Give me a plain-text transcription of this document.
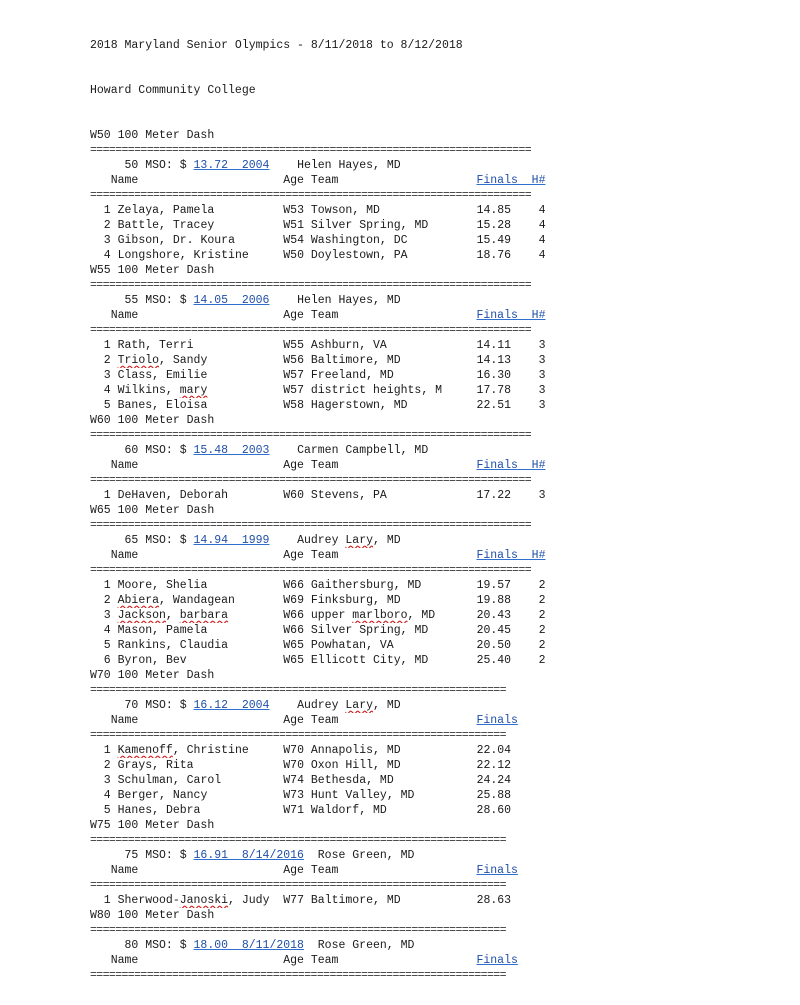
2018 Maryland Senior Olympics - 8/11/2018 to 8/12/2018

Howard Community College

W50 100 Meter Dash
======================================================================
50 MSO: $ 13.72  2004 Helen Hayes, MD
Name                     Age Team                    Finals  H#
======================================================================
1 Zelaya, Pamela	W53 Towson, MD	14.85    4
2 Battle, Tracey	W51 Silver Spring, MD       15.28    4
3 Gibson, Dr. Koura	W54 Washington, DC	15.49    4
4 Longshore, Kristine	W50 Doylestown, PA	18.76    4
W55 100 Meter Dash
======================================================================
55 MSO: $ 14.05  2006 Helen Hayes, MD
Name                     Age Team                    Finals  H#
======================================================================
1 Rath, Terri	W55 Ashburn, VA	14.11    3
2 Triolo, Sandy	W56 Baltimore, MD	14.13    3
3 Class, Emilie	W57 Freeland, MD	16.30    3
4 Wilkins, mary	W57 district heights, M     17.78    3
5 Banes, Eloisa	W58 Hagerstown, MD	22.51    3
W60 100 Meter Dash
======================================================================
60 MSO: $ 15.48  2003 Carmen Campbell, MD
Name                     Age Team                    Finals  H#
======================================================================
1 DeHaven, Deborah	W60 Stevens, PA	17.22    3
W65 100 Meter Dash
======================================================================
65 MSO: $ 14.94  1999 Audrey Lary, MD
Name                     Age Team                    Finals  H#
======================================================================
1 Moore, Shelia	W66 Gaithersburg, MD	19.57    2
2 Abiera, Wandagean	W69 Finksburg, MD	19.88    2
3 Jackson, barbara	W66 upper marlboro, MD      20.43    2
4 Mason, Pamela	W66 Silver Spring, MD       20.45    2
5 Rankins, Claudia	W65 Powhatan, VA	20.50    2
6 Byron, Bev	W65 Ellicott City, MD       25.40    2
W70 100 Meter Dash
==================================================================
70 MSO: $ 16.12  2004 Audrey Lary, MD
Name                     Age Team                    Finals
==================================================================
1 Kamenoff, Christine	W70 Annapolis, MD	22.04
2 Grays, Rita	W70 Oxon Hill, MD	22.12
3 Schulman, Carol	W74 Bethesda, MD	24.24
4 Berger, Nancy	W73 Hunt Valley, MD	25.88
5 Hanes, Debra	W71 Waldorf, MD	28.60
W75 100 Meter Dash
==================================================================
75 MSO: $ 16.91  8/14/2016 Rose Green, MD
Name                     Age Team                    Finals
==================================================================
1 Sherwood-Janoski, Judy W77 Baltimore, MD	28.63
W80 100 Meter Dash
==================================================================
80 MSO: $ 18.00  8/11/2018 Rose Green, MD
Name                     Age Team                    Finals
==================================================================
